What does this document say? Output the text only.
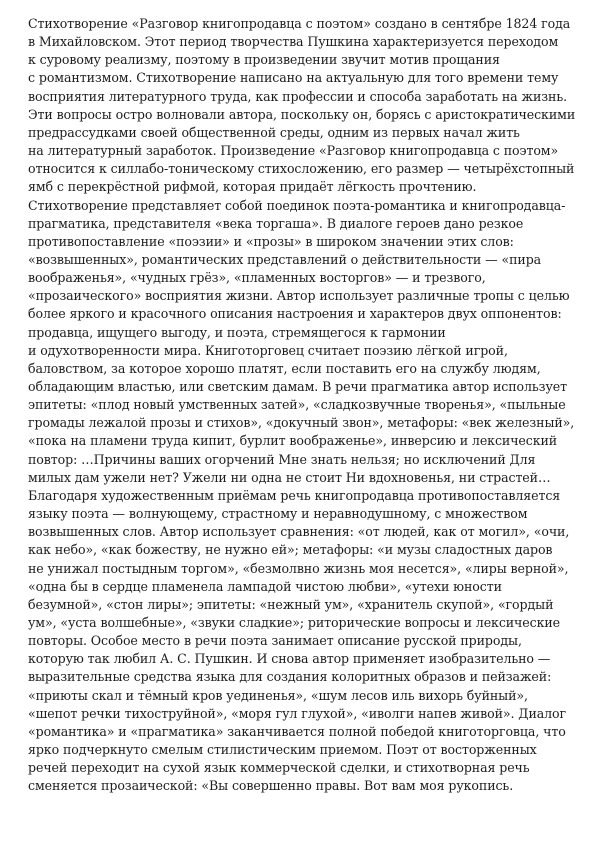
Стихотворение «Разговор книгопродавца с поэтом» создано в сентябре 1824 года
в Михайловском. Этот период творчества Пушкина характеризуется переходом
к суровому реализму, поэтому в произведении звучит мотив прощания
с романтизмом. Стихотворение написано на актуальную для того времени тему
восприятия литературного труда, как профессии и способа заработать на жизнь.
Эти вопросы остро волновали автора, поскольку он, борясь с аристократическими
предрассудками своей общественной среды, одним из первых начал жить
на литературный заработок. Произведение «Разговор книгопродавца с поэтом»
относится к силлабо-тоническому стихосложению, его размер — четырёхстопный
ямб с перекрёстной рифмой, которая придаёт лёгкость прочтению.
Стихотворение представляет собой поединок поэта-романтика и книгопродавца-
прагматика, представителя «века торгаша». В диалоге героев дано резкое
противопоставление «поэзии» и «прозы» в широком значении этих слов:
«возвышенных», романтических представлений о действительности — «пира
воображенья», «чудных грёз», «пламенных восторгов» — и трезвого,
«прозаического» восприятия жизни. Автор использует различные тропы с целью
более яркого и красочного описания настроения и характеров двух оппонентов:
продавца, ищущего выгоду, и поэта, стремящегося к гармонии
и одухотворенности мира. Книготорговец считает поэзию лёгкой игрой,
баловством, за которое хорошо платят, если поставить его на службу людям,
обладающим властью, или светским дамам. В речи прагматика автор использует
эпитеты: «плод новый умственных затей», «сладкозвучные творенья», «пыльные
громады лежалой прозы и стихов», «докучный звон», метафоры: «век железный»,
«пока на пламени труда кипит, бурлит воображенье», инверсию и лексический
повтор: …Причины ваших огорчений Мне знать нельзя; но исключений Для
милых дам ужели нет? Ужели ни одна не стоит Ни вдохновенья, ни страстей…
Благодаря художественным приёмам речь книгопродавца противопоставляется
языку поэта — волнующему, страстному и неравнодушному, с множеством
возвышенных слов. Автор использует сравнения: «от людей, как от могил», «очи,
как небо», «как божеству, не нужно ей»; метафоры: «и музы сладостных даров
не унижал постыдным торгом», «безмолвно жизнь моя несется», «лиры верной»,
«одна бы в сердце пламенела лампадой чистою любви», «утехи юности
безумной», «стон лиры»; эпитеты: «нежный ум», «хранитель скупой», «гордый
ум», «уста волшебные», «звуки сладкие»; риторические вопросы и лексические
повторы. Особое место в речи поэта занимает описание русской природы,
которую так любил А. С. Пушкин. И снова автор применяет изобразительно —
выразительные средства языка для создания колоритных образов и пейзажей:
«приюты скал и тёмный кров уединенья», «шум лесов иль вихорь буйный»,
«шепот речки тихоструйной», «моря гул глухой», «иволги напев живой». Диалог
«романтика» и «прагматика» заканчивается полной победой книготорговца, что
ярко подчеркнуто смелым стилистическим приемом. Поэт от восторженных
речей переходит на сухой язык коммерческой сделки, и стихотворная речь
сменяется прозаической: «Вы совершенно правы. Вот вам моя рукопись.
